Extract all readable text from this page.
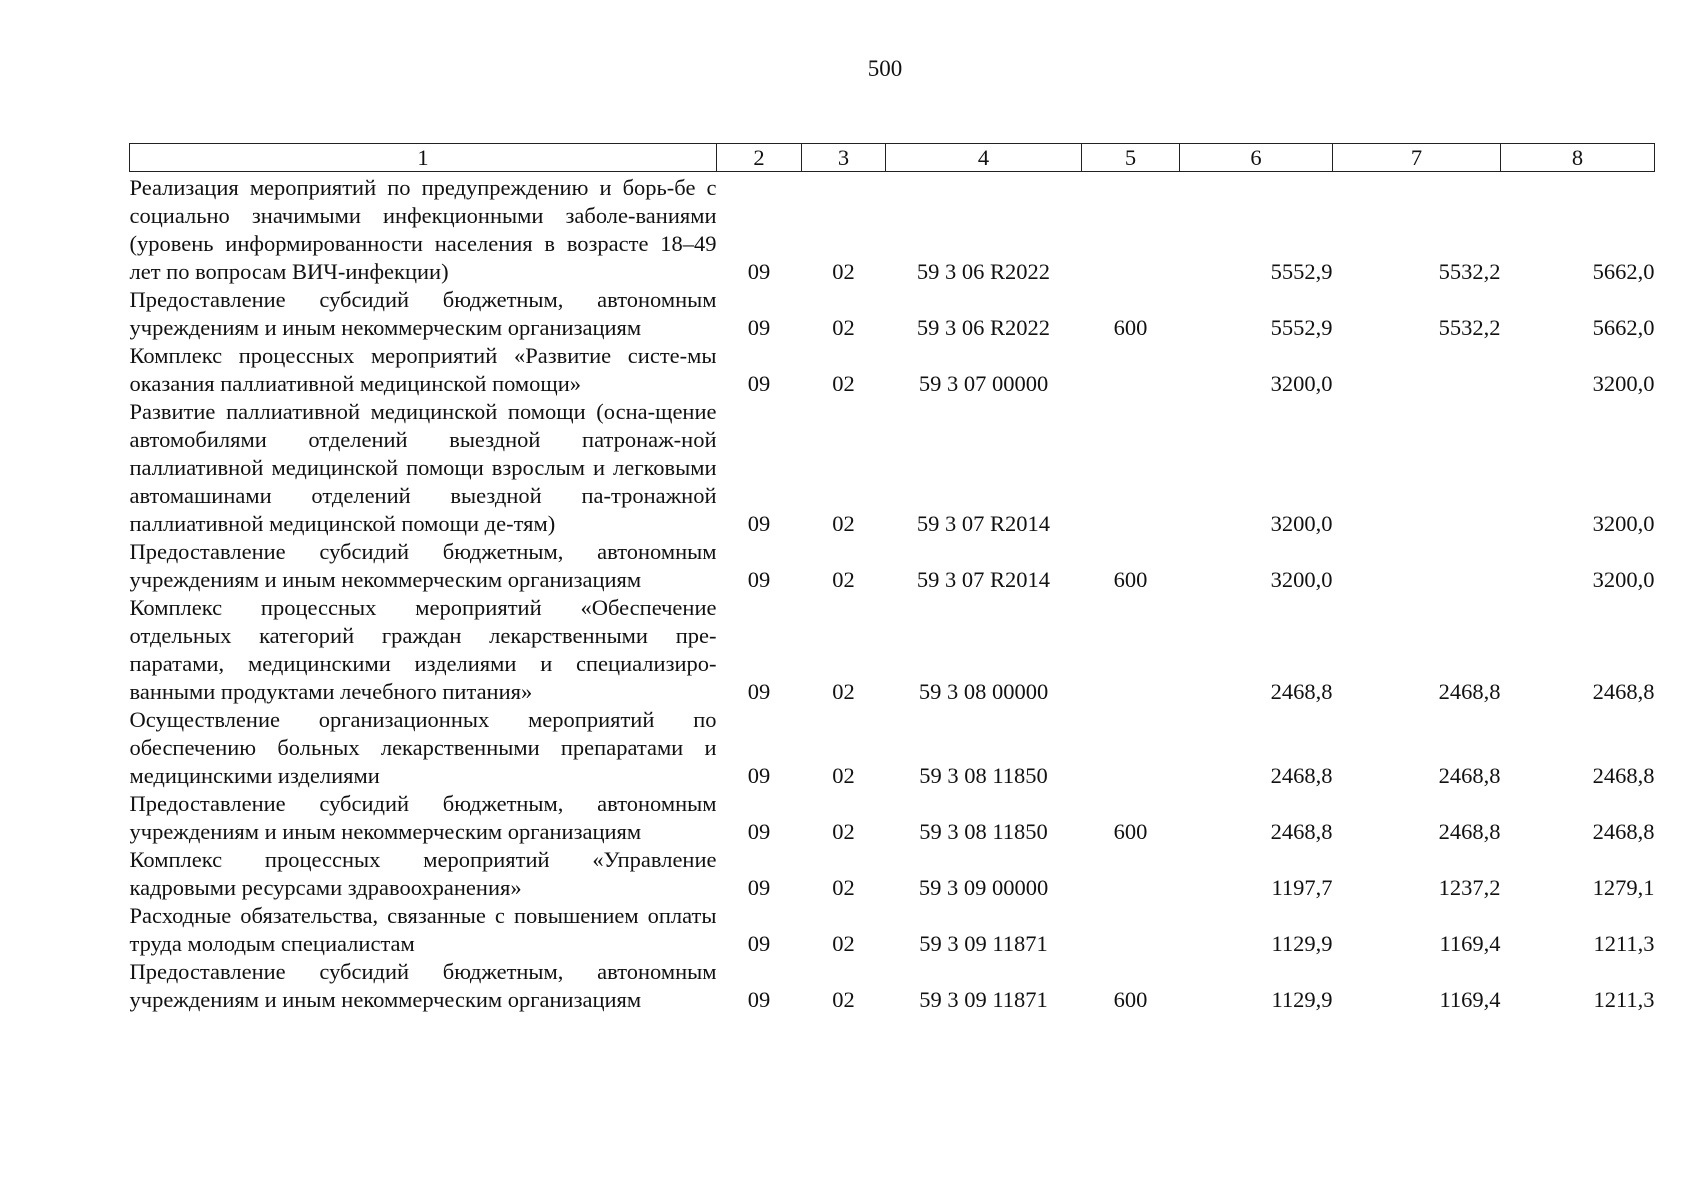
500
1	2	3	4	5	6	7	8
Реализация мероприятий по предупреждению и борь-бе с социально значимыми инфекционными заболе-ваниями (уровень информированности населения в возрасте 18–49 лет по вопросам ВИЧ-инфекции)	09	02	59 3 06 R2022		5552,9	5532,2	5662,0
Предоставление субсидий бюджетным, автономным учреждениям и иным некоммерческим организациям	09	02	59 3 06 R2022	600	5552,9	5532,2	5662,0
Комплекс процессных мероприятий «Развитие систе-мы оказания паллиативной медицинской помощи»	09	02	59 3 07 00000		3200,0		3200,0
Развитие паллиативной медицинской помощи (осна-щение автомобилями отделений выездной патронаж-ной паллиативной медицинской помощи взрослым и легковыми автомашинами отделений выездной па-тронажной паллиативной медицинской помощи де-тям)	09	02	59 3 07 R2014		3200,0		3200,0
Предоставление субсидий бюджетным, автономным учреждениям и иным некоммерческим организациям	09	02	59 3 07 R2014	600	3200,0		3200,0
Комплекс процессных мероприятий «Обеспечение отдельных категорий граждан лекарственными пре-паратами, медицинскими изделиями и специализиро-ванными продуктами лечебного питания»	09	02	59 3 08 00000		2468,8	2468,8	2468,8
Осуществление организационных мероприятий по обеспечению больных лекарственными препаратами и медицинскими изделиями	09	02	59 3 08 11850		2468,8	2468,8	2468,8
Предоставление субсидий бюджетным, автономным учреждениям и иным некоммерческим организациям	09	02	59 3 08 11850	600	2468,8	2468,8	2468,8
Комплекс процессных мероприятий «Управление кадровыми ресурсами здравоохранения»	09	02	59 3 09 00000		1197,7	1237,2	1279,1
Расходные обязательства, связанные с повышением оплаты труда молодым специалистам	09	02	59 3 09 11871		1129,9	1169,4	1211,3
Предоставление субсидий бюджетным, автономным учреждениям и иным некоммерческим организациям	09	02	59 3 09 11871	600	1129,9	1169,4	1211,3
